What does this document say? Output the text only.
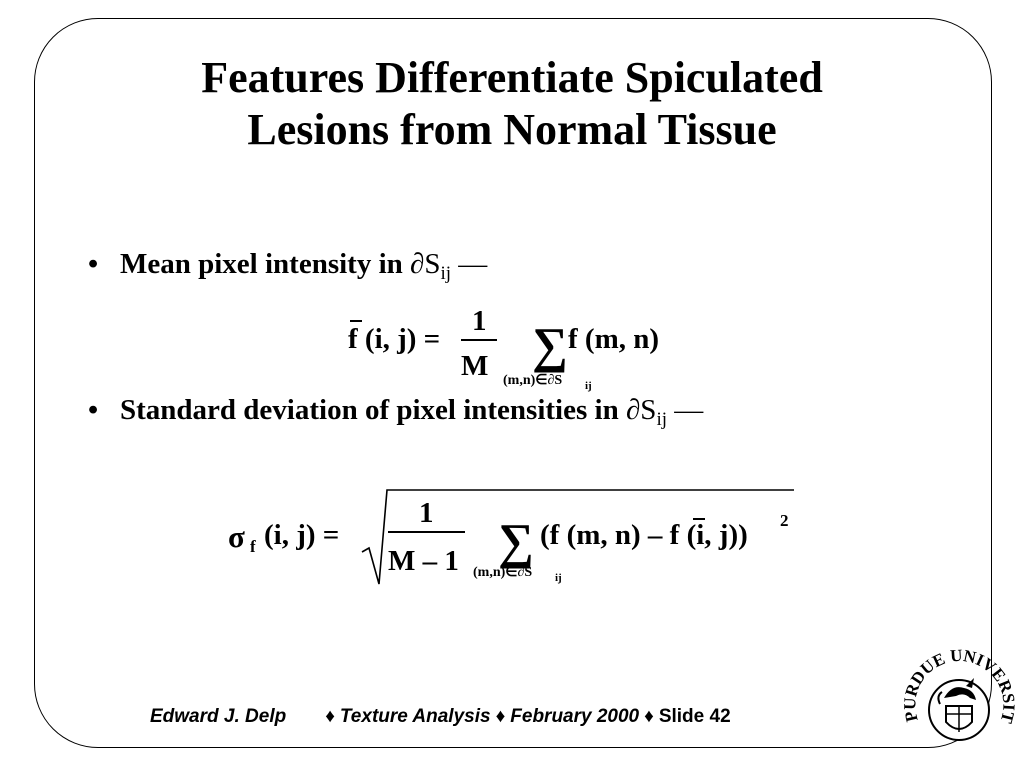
Features Differentiate Spiculated
Lesions from Normal Tissue
• Mean pixel intensity in $\partial S_{ij}$ —
f (i, j) =
1
M ∑ f (m, n)
(m,n)∈∂S ij
• Standard deviation of pixel intensities in $\partial S_{ij}$ —
σ f (i, j) =
1
M – 1 ∑ (f (m, n) – f (i, j)) 2
(m,n)∈∂S ij
Edward J. Delp ♦ Texture Analysis ♦ February 2000 ♦ Slide 42	PURDUE UNIVERSIT
